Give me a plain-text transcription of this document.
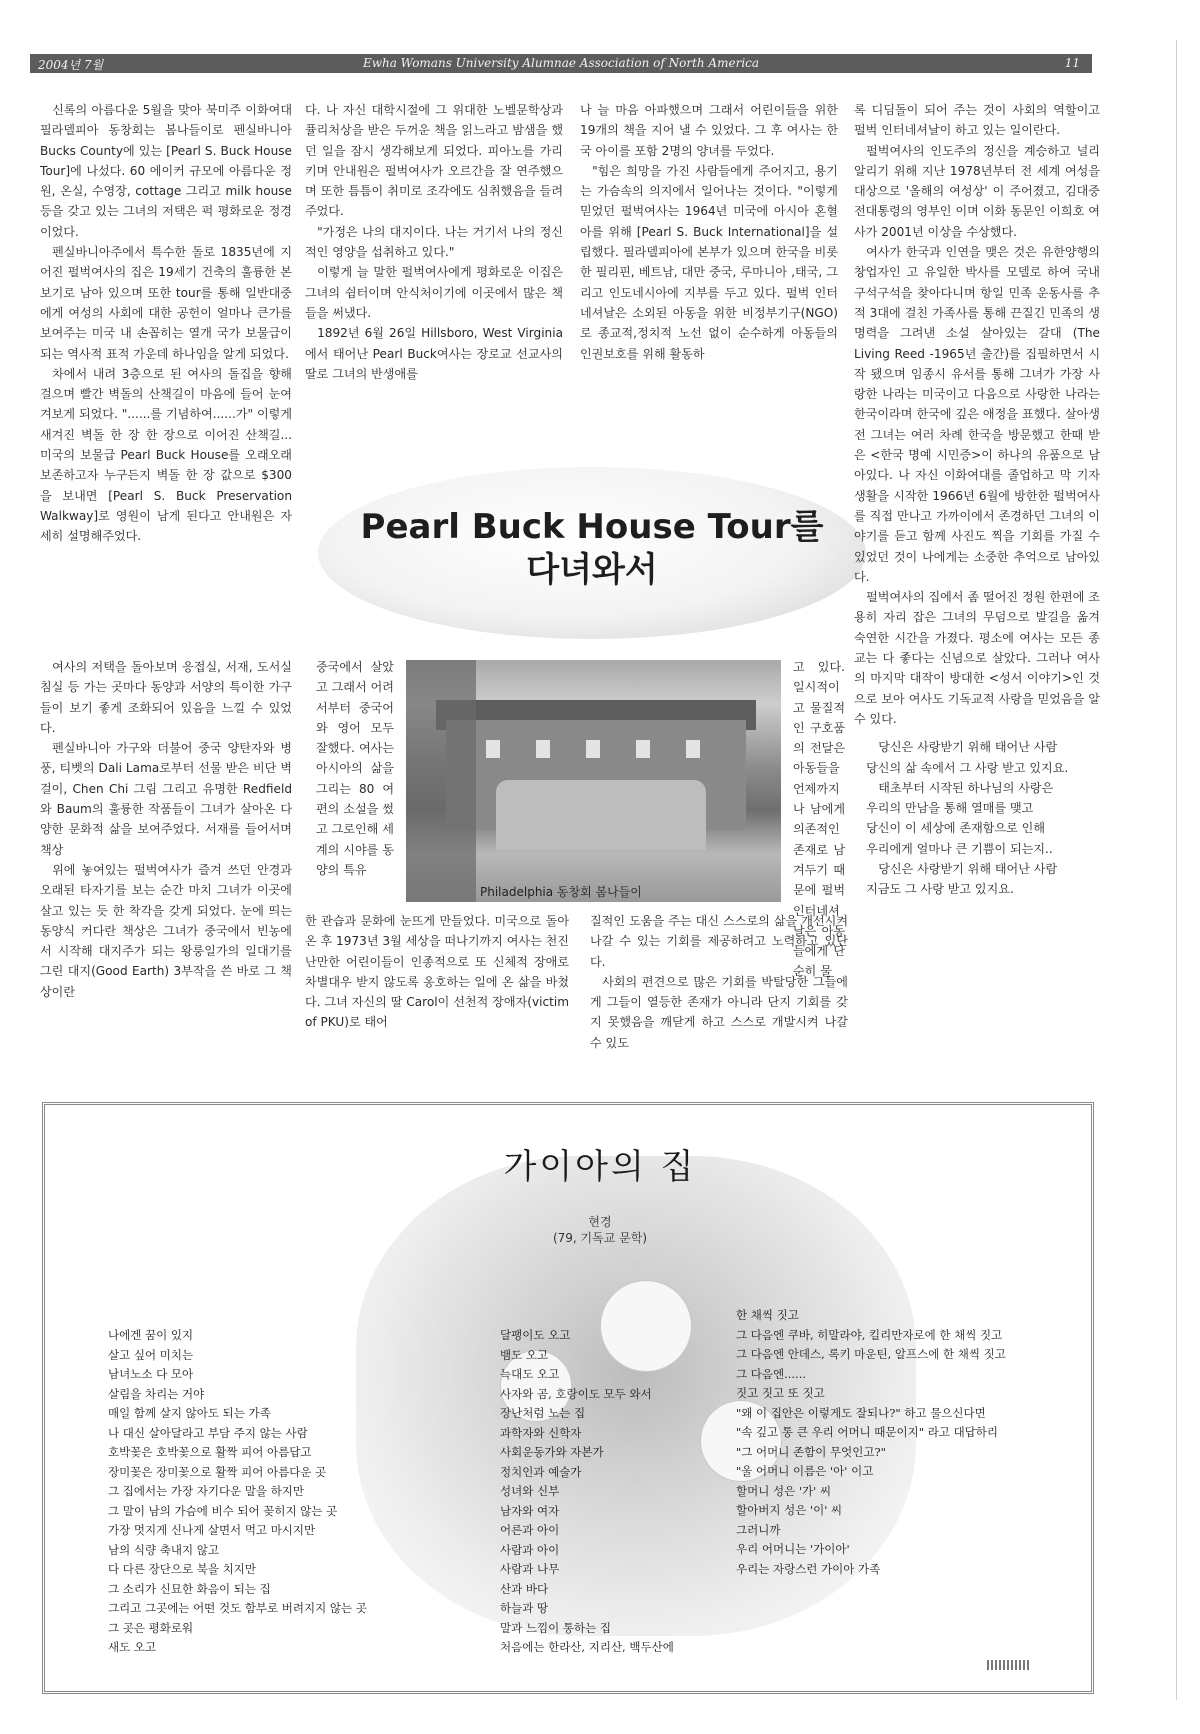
2004년 7월	Ewha Womans University Alumnae Association of North America	11

신록의 아름다운 5월을 맞아 북미주 이화여대 필라델피아 동창회는 봄나들이로 펜실바니아 Bucks County에 있는 [Pearl S. Buck House Tour]에 나섰다. 60 에이커 규모에 아름다운 정원, 온실, 수영장, cottage 그리고 milk house 등을 갖고 있는 그녀의 저택은 퍽 평화로운 정경이었다.

펜실바니아주에서 특수한 돌로 1835년에 지어진 펄벅여사의 집은 19세기 건축의 훌륭한 본보기로 남아 있으며 또한 tour를 통해 일반대중에게 여성의 사회에 대한 공헌이 얼마나 큰가를 보여주는 미국 내 손꼽히는 열개 국가 보물급이 되는 역사적 표적 가운데 하나임을 알게 되었다.

차에서 내려 3층으로 된 여사의 돌집을 향해 걸으며 빨간 벽돌의 산책길이 마음에 들어 눈여겨보게 되었다. "......를 기념하여......가" 이렇게 새겨진 벽돌 한 장 한 장으로 이어진 산책길... 미국의 보물급 Pearl Buck House를 오래오래 보존하고자 누구든지 벽돌 한 장 값으로 $300을 보내면 [Pearl S. Buck Preservation Walkway]로 영원이 남게 된다고 안내원은 자세히 설명해주었다.

다. 나 자신 대학시절에 그 위대한 노벨문학상과 퓰리처상을 받은 두꺼운 책을 읽느라고 밤샘을 했던 일을 잠시 생각해보게 되었다. 피아노를 가리키며 안내원은 펄벅여사가 오르간을 잘 연주했으며 또한 틈틈이 취미로 조각에도 심취했음을 들려주었다.

"가정은 나의 대지이다. 나는 거기서 나의 정신적인 영양을 섭취하고 있다."

이렇게 늘 말한 펄벅여사에게 평화로운 이집은 그녀의 쉼터이며 안식처이기에 이곳에서 많은 책들을 써냈다.

1892년 6월 26일 Hillsboro, West Virginia에서 태어난 Pearl Buck여사는 장로교 선교사의 딸로 그녀의 반생애를

나 늘 마음 아파했으며 그래서 어린이들을 위한 19개의 책을 지어 낼 수 있었다. 그 후 여사는 한국 아이를 포함 2명의 양녀를 두었다.

"힘은 희망을 가진 사람들에게 주어지고, 용기는 가슴속의 의지에서 일어나는 것이다. "이렇게 믿었던 펄벅여사는 1964년 미국에 아시아 혼혈아를 위해 [Pearl S. Buck International]을 설립했다. 필라델피아에 본부가 있으며 한국을 비롯한 필리핀, 베트남, 대만 중국, 루마니아 ,태국, 그리고 인도네시아에 지부를 두고 있다. 펄벅 인터네셔날은 소외된 아동을 위한 비정부기구(NGO)로 종교적,정치적 노선 없이 순수하게 아동들의 인권보호를 위해 활동하

Pearl Buck House Tour를
다녀와서

여사의 저택을 돌아보며 응접실, 서재, 도서실 침실 등 가는 곳마다 동양과 서양의 특이한 가구들이 보기 좋게 조화되어 있음을 느낄 수 있었다.

펜실바니아 가구와 더불어 중국 양탄자와 병풍, 티벳의 Dali Lama로부터 선물 받은 비단 벽걸이, Chen Chi 그림 그리고 유명한 Redfield와 Baum의 훌륭한 작품들이 그녀가 살아온 다양한 문화적 삶을 보여주었다. 서재를 들어서며 책상

위에 놓여있는 펄벅여사가 즐겨 쓰던 안경과 오래된 타자기를 보는 순간 마치 그녀가 이곳에 살고 있는 듯 한 착각을 갖게 되었다. 눈에 띄는 동양식 커다란 책상은 그녀가 중국에서 빈농에서 시작해 대지주가 되는 왕룽일가의 일대기를 그린 대지(Good Earth) 3부작을 쓴 바로 그 책상이란

중국에서 살았고 그래서 어려서부터 중국어와 영어 모두 잘했다. 여사는 아시아의 삶을 그리는 80 여편의 소설을 썼고 그로인해 세계의 시야를 동양의 특유

Philadelphia 동창회 봄나들이

고 있다. 일시적이고 물질적인 구호품의 전달은 아동들을 언제까지나 남에게 의존적인 존재로 남겨두기 때문에 펄벅 인터네셔날은 아동들에게 단순히 물

한 관습과 문화에 눈뜨게 만들었다. 미국으로 돌아온 후 1973년 3월 세상을 떠나기까지 여사는 천진난만한 어린이들이 인종적으로 또 신체적 장애로 차별대우 받지 않도록 옹호하는 일에 온 삶을 바쳤다. 그녀 자신의 딸 Carol이 선천적 장애자(victim of PKU)로 태어

질적인 도움을 주는 대신 스스로의 삶을 개선시켜 나갈 수 있는 기회를 제공하려고 노력하고 있단다.

사회의 편견으로 많은 기회를 박탈당한 그들에게 그들이 열등한 존재가 아니라 단지 기회를 갖지 못했음을 깨닫게 하고 스스로 개발시켜 나갈 수 있도

록 디딤돌이 되어 주는 것이 사회의 역할이고 펄벅 인터네셔날이 하고 있는 일이란다.

펄벅여사의 인도주의 정신을 계승하고 널리 알리기 위해 지난 1978년부터 전 세계 여성을 대상으로 '올해의 여성상' 이 주어졌고, 김대중 전대통령의 영부인 이며 이화 동문인 이희호 여사가 2001년 이상을 수상했다.

여사가 한국과 인연을 맺은 것은 유한양행의 창업자인 고 유일한 박사를 모델로 하여 국내 구석구석을 찾아다니며 항일 민족 운동사를 추적 3대에 걸친 가족사를 통해 끈질긴 민족의 생명력을 그려낸 소설 살아있는 갈대 (The Living Reed -1965년 출간)를 집필하면서 시작 됐으며 임종시 유서를 통해 그녀가 가장 사랑한 나라는 미국이고 다음으로 사랑한 나라는 한국이라며 한국에 깊은 애정을 표했다. 살아생전 그녀는 여러 차례 한국을 방문했고 한때 받은 <한국 명예 시민증>이 하나의 유품으로 남아있다. 나 자신 이화여대를 졸업하고 막 기자생활을 시작한 1966년 6월에 방한한 펄벅여사를 직접 만나고 가까이에서 존경하던 그녀의 이야기를 듣고 함께 사진도 찍을 기회를 가질 수 있었던 것이 나에게는 소중한 추억으로 남아있다.

펄벅여사의 집에서 좀 떨어진 정원 한편에 조용히 자리 잡은 그녀의 무덤으로 발길을 옮겨 숙연한 시간을 가졌다. 평소에 여사는 모든 종교는 다 좋다는 신념으로 살았다. 그러나 여사의 마지막 대작이 방대한 <성서 이야기>인 것으로 보아 여사도 기독교적 사랑을 믿었음을 알 수 있다.

당신은 사랑받기 위해 태어난 사람
당신의 삶 속에서 그 사랑 받고 있지요.

태초부터 시작된 하나님의 사랑은
우리의 만남을 통해 열매를 맺고
당신이 이 세상에 존재함으로 인해
우리에게 얼마나 큰 기쁨이 되는지..

당신은 사랑받기 위해 태어난 사람
지금도 그 사랑 받고 있지요.

가이아의 집
현경
(79, 기독교 문학)
나에겐 꿈이 있지
살고 싶어 미치는
남녀노소 다 모아
살림을 차리는 거야
매일 함께 살지 않아도 되는 가족
나 대신 살아달라고 부담 주지 않는 사람
호박꽃은 호박꽃으로 활짝 피어 아름답고
장미꽃은 장미꽃으로 활짝 피어 아름다운 곳
그 집에서는 가장 자기다운 말을 하지만
그 말이 남의 가슴에 비수 되어 꽂히지 않는 곳
가장 멋지게 신나게 살면서 먹고 마시지만
남의 식량 축내지 않고
다 다른 장단으로 북을 치지만
그 소리가 신묘한 화음이 되는 집
그리고 그곳에는 어떤 것도 함부로 버려지지 않는 곳
그 곳은 평화로워
새도 오고
달팽이도 오고
뱀도 오고
늑대도 오고
사자와 곰, 호랑이도 모두 와서
장난처럼 노는 집
과학자와 신학자
사회운동가와 자본가
정치인과 예술가
성녀와 신부
남자와 여자
어른과 아이
사람과 아이
사람과 나무
산과 바다
하늘과 땅
말과 느낌이 통하는 집
처음에는 한라산, 지리산, 백두산에
한 채씩 짓고
그 다음엔 쿠바, 히말라야, 킬리만자로에 한 채씩 짓고
그 다음엔 안데스, 록키 마운틴, 알프스에 한 채씩 짓고
그 다음엔......
짓고 짓고 또 짓고
"왜 이 집안은 이렇게도 잘되나?" 하고 물으신다면
"속 깊고 통 큰 우리 어머니 때문이지" 라고 대답하리
"그 어머니 존함이 무엇인고?"
"울 어머니 이름은 '아' 이고
할머니 성은 '가' 씨
할아버지 성은 '이' 씨
그러니까
우리 어머니는 '가이아'
우리는 자랑스런 가이아 가족
